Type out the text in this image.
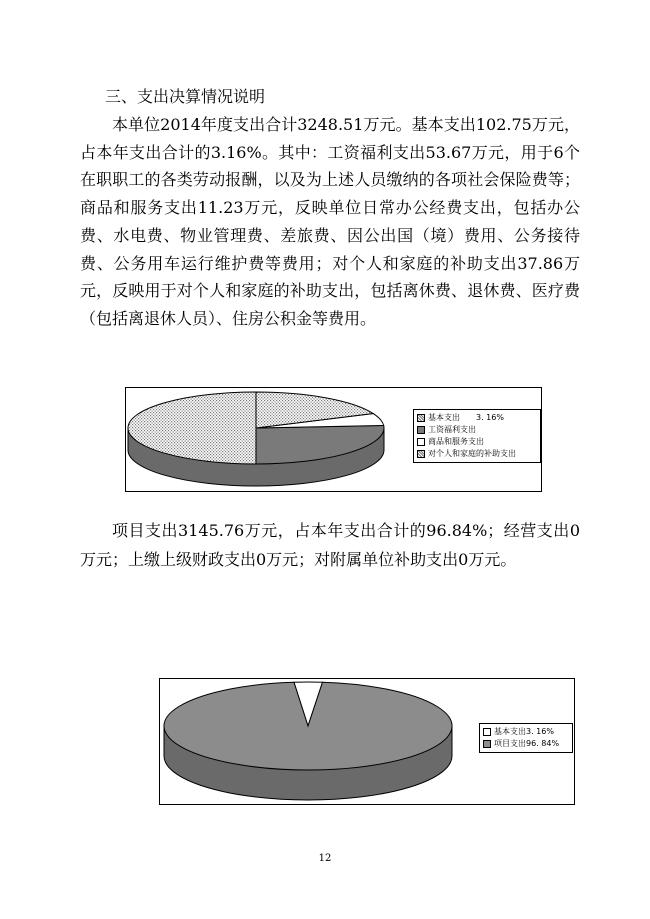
三、支出决算情况说明

本单位2014年度支出合计3248.51万元。基本支出102.75万元，占本年支出合计的3.16%。其中：工资福利支出53.67万元，用于6个在职职工的各类劳动报酬，以及为上述人员缴纳的各项社会保险费等；商品和服务支出11.23万元，反映单位日常办公经费支出，包括办公费、水电费、物业管理费、差旅费、因公出国（境）费用、公务接待费、公务用车运行维护费等费用；对个人和家庭的补助支出37.86万元，反映用于对个人和家庭的补助支出，包括离休费、退休费、医疗费（包括离退休人员）、住房公积金等费用。

基本支出　　3. 16%
工资福利支出
商品和服务支出
对个人和家庭的补助支出

项目支出3145.76万元，占本年支出合计的96.84%；经营支出0万元；上缴上级财政支出0万元；对附属单位补助支出0万元。

基本支出3. 16%
项目支出96. 84%
12
